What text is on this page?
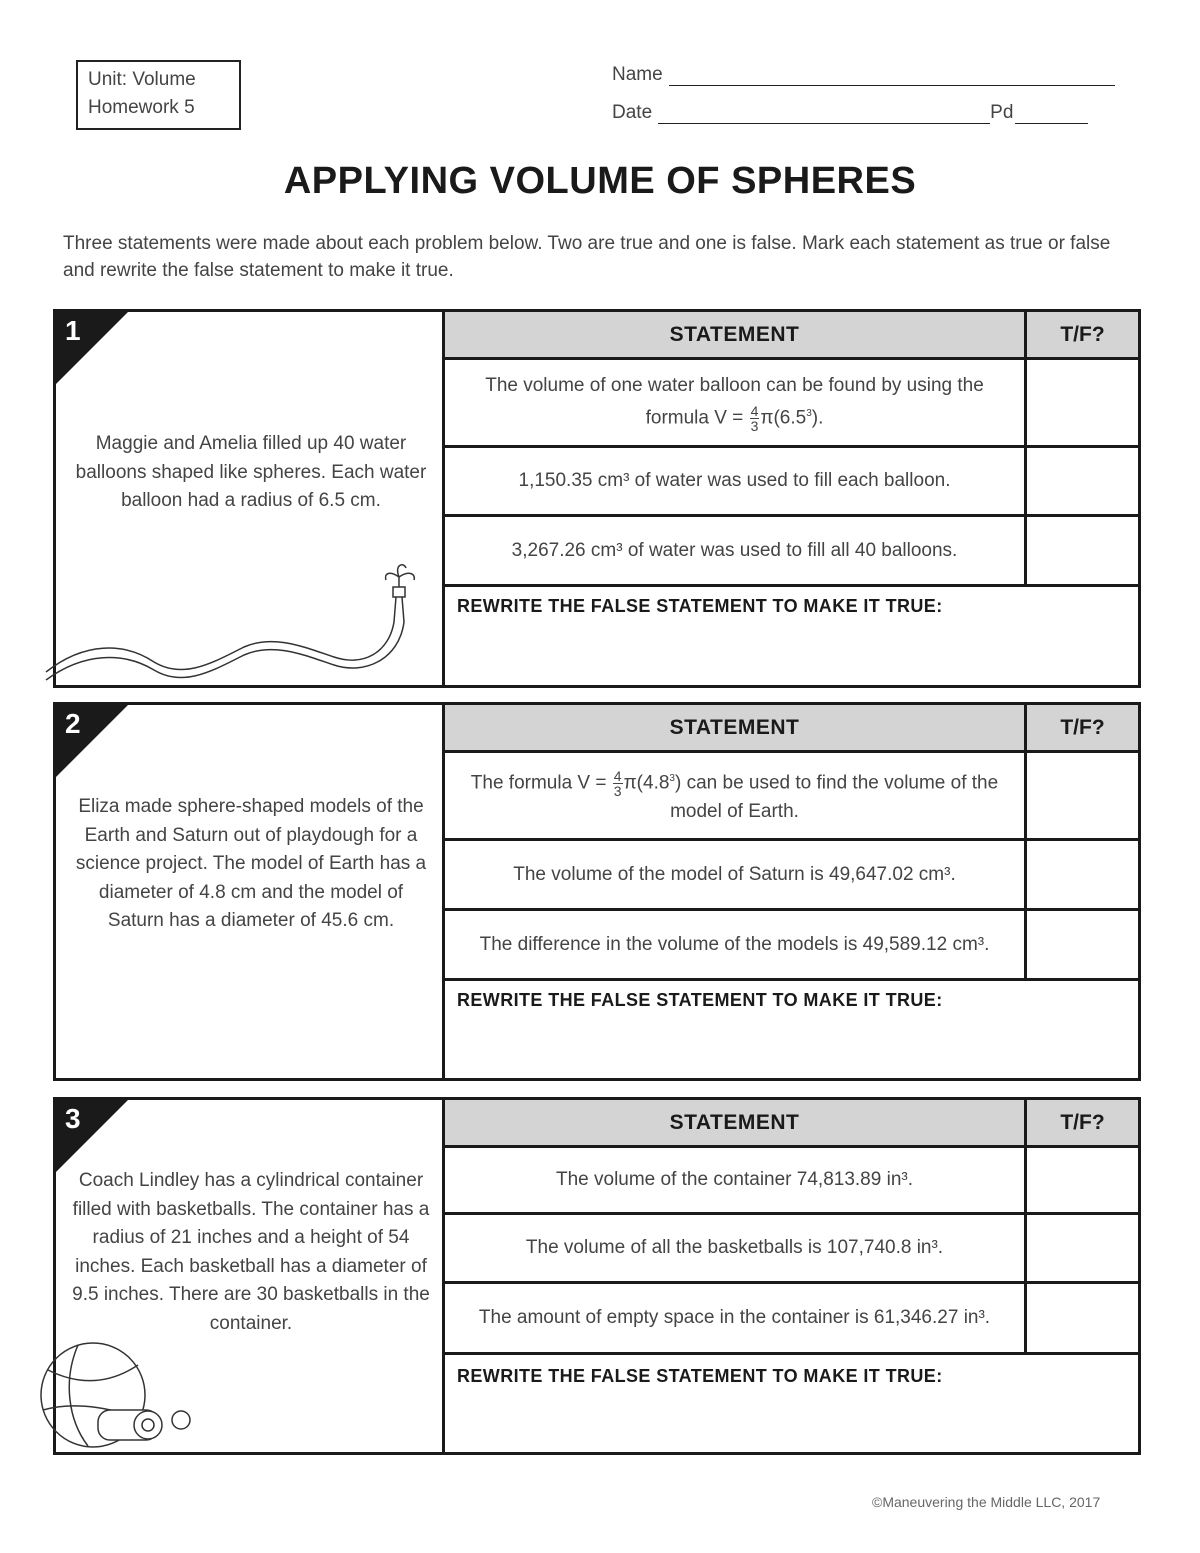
Unit: Volume
Homework 5
Name
Date	Pd
APPLYING VOLUME OF SPHERES
Three statements were made about each problem below. Two are true and one is false. Mark each statement as true or false and rewrite the false statement to make it true.
1
Maggie and Amelia filled up 40 water balloons shaped like spheres. Each water balloon had a radius of 6.5 cm.
STATEMENT	T/F?
The volume of one water balloon can be found by using the formula $V = \frac{4}{3} \pi(6.5^3)$.
1,150.35 cm³ of water was used to fill each balloon.
3,267.26 cm³ of water was used to fill all 40 balloons.
REWRITE THE FALSE STATEMENT TO MAKE IT TRUE:
2
Eliza made sphere-shaped models of the Earth and Saturn out of playdough for a science project. The model of Earth has a diameter of 4.8 cm and the model of Saturn has a diameter of 45.6 cm.
STATEMENT	T/F?
The formula $V = \frac{4}{3} \pi(4.8^3)$ can be used to find the volume of the model of Earth.
The volume of the model of Saturn is 49,647.02 cm³.
The difference in the volume of the models is 49,589.12 cm³.
REWRITE THE FALSE STATEMENT TO MAKE IT TRUE:
3
Coach Lindley has a cylindrical container filled with basketballs. The container has a radius of 21 inches and a height of 54 inches. Each basketball has a diameter of 9.5 inches. There are 30 basketballs in the container.
STATEMENT	T/F?
The volume of the container 74,813.89 in³.
The volume of all the basketballs is 107,740.8 in³.
The amount of empty space in the container is 61,346.27 in³.
REWRITE THE FALSE STATEMENT TO MAKE IT TRUE:
©Maneuvering the Middle LLC, 2017
